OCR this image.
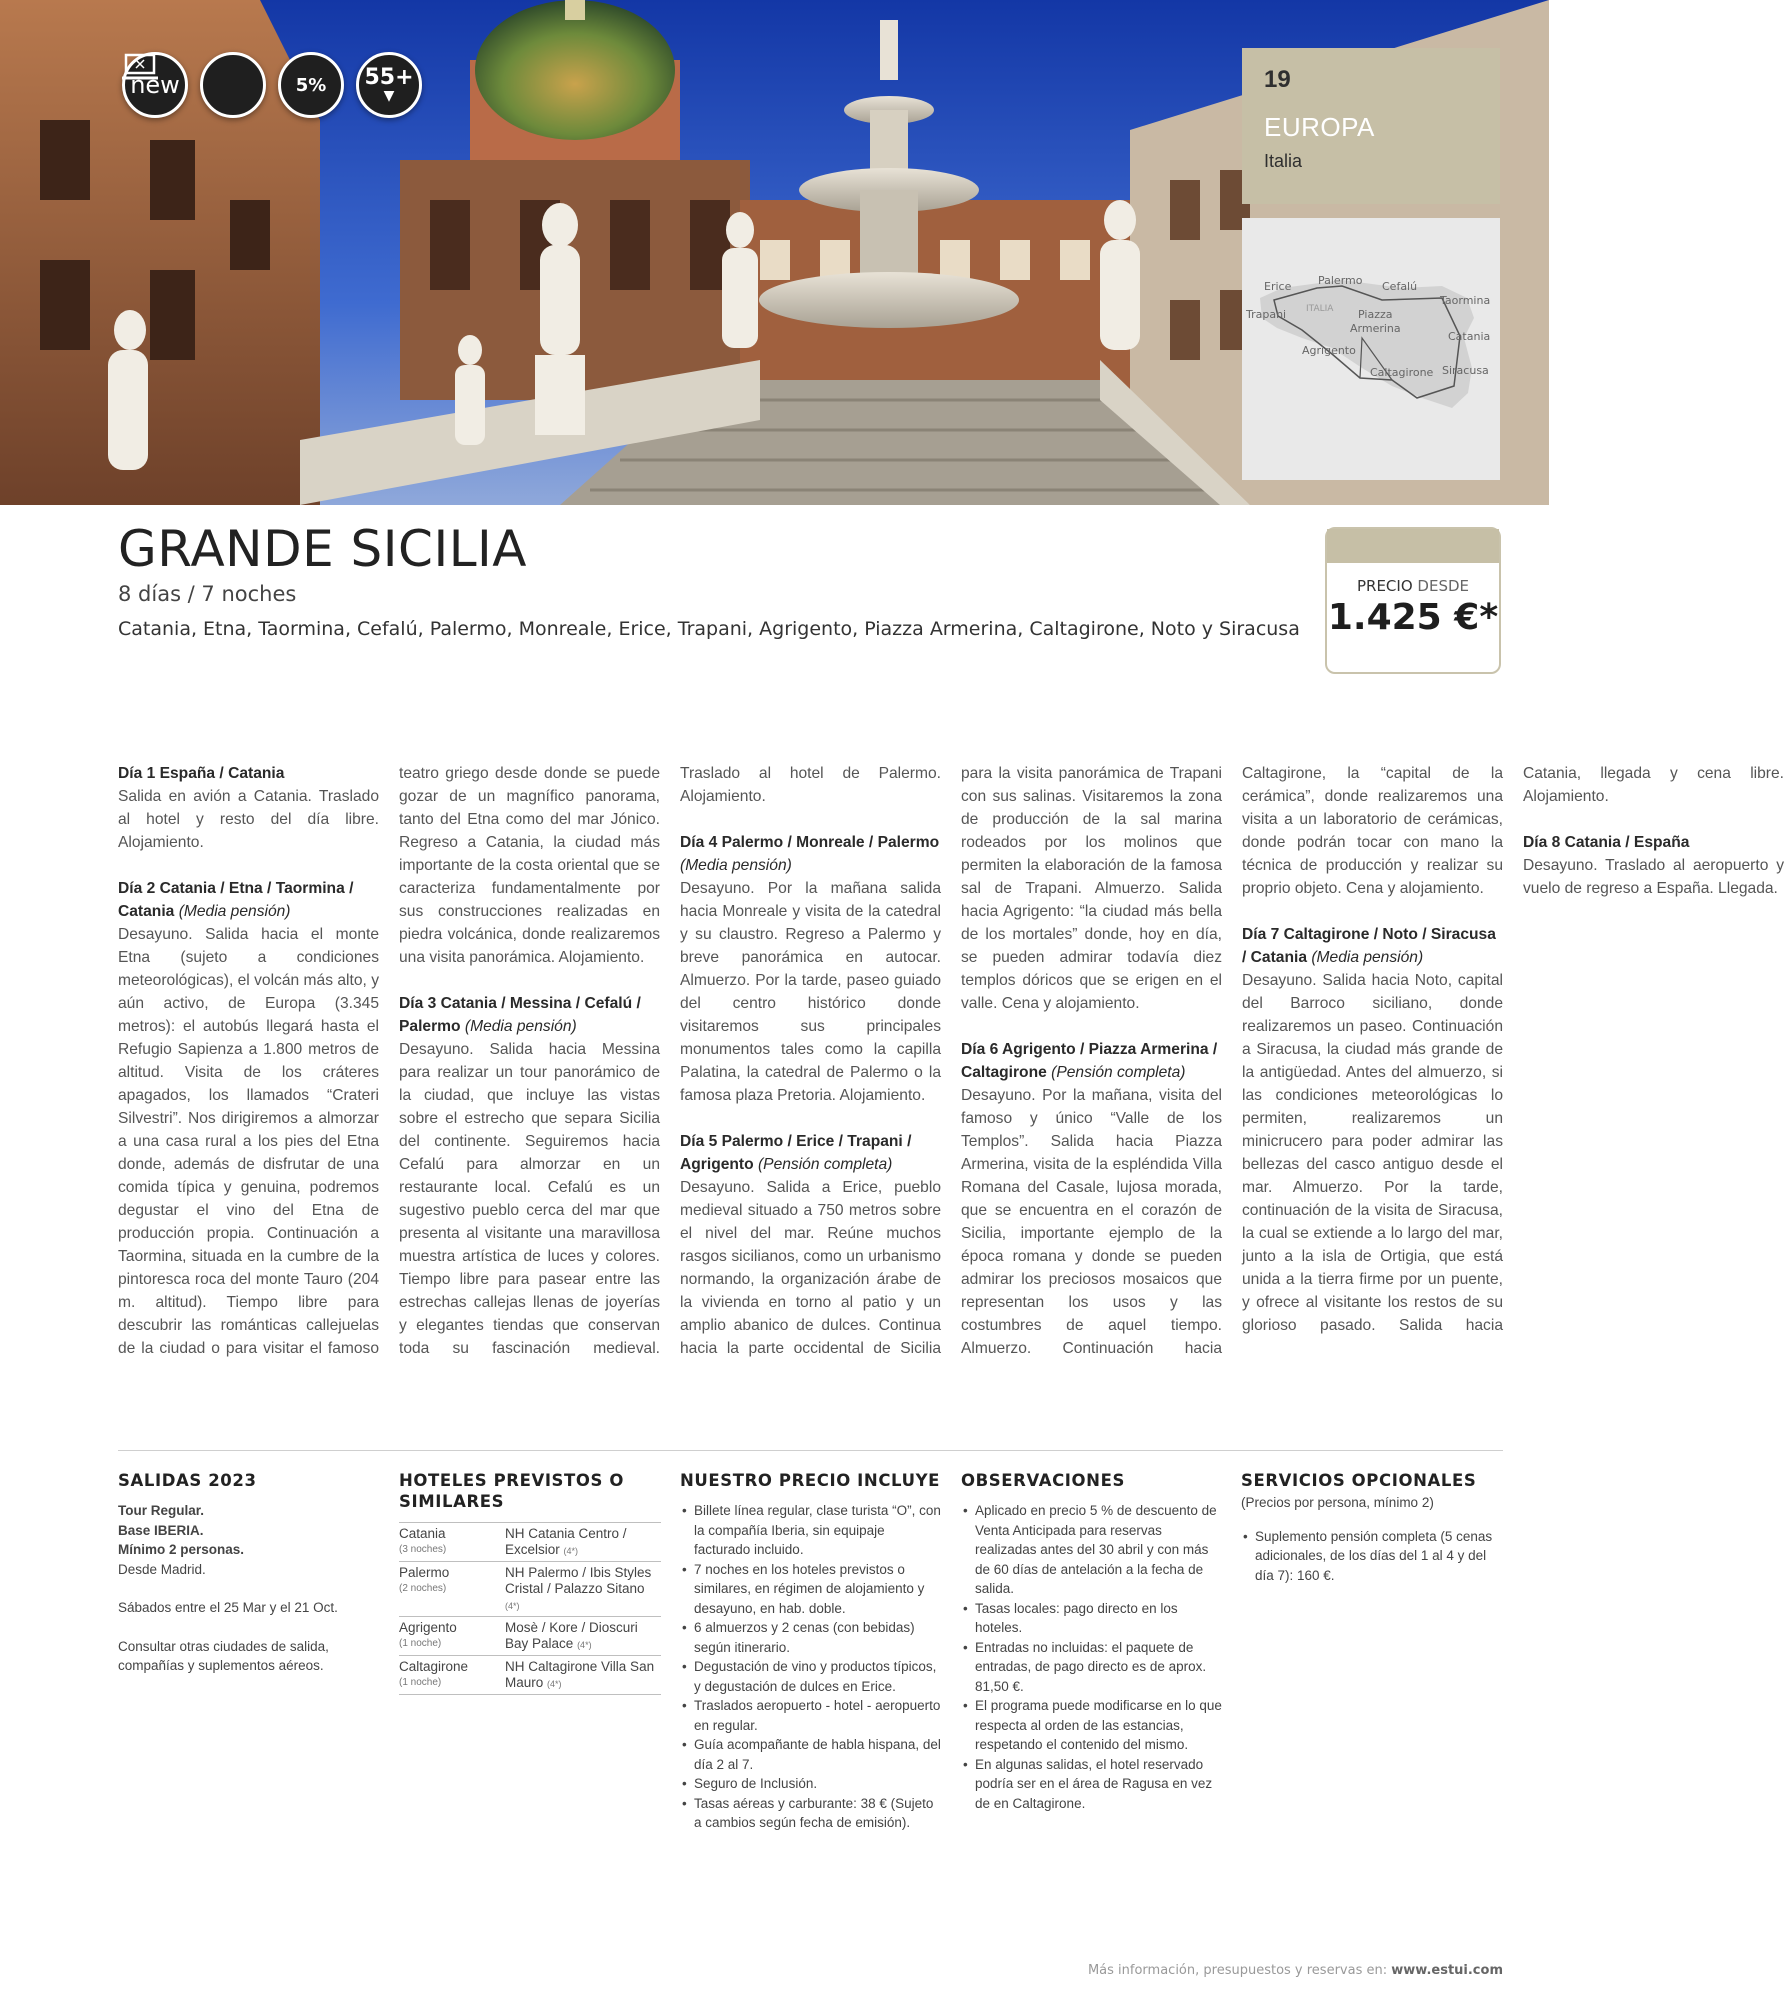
new	5% 55+
▼
19
EUROPA
Italia
Erice Palermo Cefalú
Taormina
Trapani ITALIA Piazza
Armerina
Catania
Agrigento
Caltagirone Siracusa
GRANDE SICILIA
8 días / 7 noches
Catania, Etna, Taormina, Cefalú, Palermo, Monreale, Erice, Trapani, Agrigento, Piazza Armerina, Caltagirone, Noto y Siracusa
PRECIO DESDE
1.425 €*
Día 1 España / Catania
Salida en avión a Catania. Traslado al hotel y resto del día libre. Alojamiento.
Día 2 Catania / Etna / Taormina / Catania (Media pensión)
Desayuno. Salida hacia el monte Etna (sujeto a condiciones meteorológicas), el volcán más alto, y aún activo, de Europa (3.345 metros): el autobús llegará hasta el Refugio Sapienza a 1.800 metros de altitud. Visita de los cráteres apagados, los llamados “Crateri Silvestri”. Nos dirigiremos a almorzar a una casa rural a los pies del Etna donde, además de disfrutar de una comida típica y genuina, podremos degustar el vino del Etna de producción propia. Continuación a Taormina, situada en la cumbre de la pintoresca roca del monte Tauro (204 m. altitud). Tiempo libre para descubrir las románticas callejuelas de la ciudad o para visitar el famoso teatro griego desde donde se puede gozar de un magnífico panorama, tanto del Etna como del mar Jónico. Regreso a Catania, la ciudad más importante de la costa oriental que se caracteriza fundamentalmente por sus construcciones realizadas en piedra volcánica, donde realizaremos una visita panorámica. Alojamiento.
Día 3 Catania / Messina / Cefalú / Palermo (Media pensión)
Desayuno. Salida hacia Messina para realizar un tour panorámico de la ciudad, que incluye las vistas sobre el estrecho que separa Sicilia del continente. Seguiremos hacia Cefalú para almorzar en un restaurante local. Cefalú es un sugestivo pueblo cerca del mar que presenta al visitante una maravillosa muestra artística de luces y colores. Tiempo libre para pasear entre las estrechas callejas llenas de joyerías y elegantes tiendas que conservan toda su fascinación medieval. Traslado al hotel de Palermo. Alojamiento.
Día 4 Palermo / Monreale / Palermo (Media pensión)
Desayuno. Por la mañana salida hacia Monreale y visita de la catedral y su claustro. Regreso a Palermo y breve panorámica en autocar. Almuerzo. Por la tarde, paseo guiado del centro histórico donde visitaremos sus principales monumentos tales como la capilla Palatina, la catedral de Palermo o la famosa plaza Pretoria. Alojamiento.
Día 5 Palermo / Erice / Trapani / Agrigento (Pensión completa)
Desayuno. Salida a Erice, pueblo medieval situado a 750 metros sobre el nivel del mar. Reúne muchos rasgos sicilianos, como un urbanismo normando, la organización árabe de la vivienda en torno al patio y un amplio abanico de dulces. Continua hacia la parte occidental de Sicilia para la visita panorámica de Trapani con sus salinas. Visitaremos la zona de producción de la sal marina rodeados por los molinos que permiten la elaboración de la famosa sal de Trapani. Almuerzo. Salida hacia Agrigento: “la ciudad más bella de los mortales” donde, hoy en día, se pueden admirar todavía diez templos dóricos que se erigen en el valle. Cena y alojamiento.
Día 6 Agrigento / Piazza Armerina / Caltagirone (Pensión completa)
Desayuno. Por la mañana, visita del famoso y único “Valle de los Templos”. Salida hacia Piazza Armerina, visita de la espléndida Villa Romana del Casale, lujosa morada, que se encuentra en el corazón de Sicilia, importante ejemplo de la época romana y donde se pueden admirar los preciosos mosaicos que representan los usos y las costumbres de aquel tiempo. Almuerzo. Continuación hacia Caltagirone, la “capital de la cerámica”, donde realizaremos una visita a un laboratorio de cerámicas, donde podrán tocar con mano la técnica de producción y realizar su proprio objeto. Cena y alojamiento.
Día 7 Caltagirone / Noto / Siracusa / Catania (Media pensión)
Desayuno. Salida hacia Noto, capital del Barroco siciliano, donde realizaremos un paseo. Continuación a Siracusa, la ciudad más grande de la antigüedad. Antes del almuerzo, si las condiciones meteorológicas lo permiten, realizaremos un minicrucero para poder admirar las bellezas del casco antiguo desde el mar. Almuerzo. Por la tarde, continuación de la visita de Siracusa, la cual se extiende a lo largo del mar, junto a la isla de Ortigia, que está unida a la tierra firme por un puente, y ofrece al visitante los restos de su glorioso pasado. Salida hacia Catania, llegada y cena libre. Alojamiento.
Día 8 Catania / España
Desayuno. Traslado al aeropuerto y vuelo de regreso a España. Llegada.
SALIDAS 2023

Tour Regular.

Base IBERIA.

Mínimo 2 personas.

Desde Madrid.

Sábados entre el 25 Mar y el 21 Oct.

Consultar otras ciudades de salida, compañías y suplementos aéreos.

HOTELES PREVISTOS O SIMILARES
Catania
(3 noches)	NH Catania Centro / Excelsior (4*)
Palermo
(2 noches)	NH Palermo / Ibis Styles Cristal / Palazzo Sitano (4*)
Agrigento
(1 noche)	Mosè / Kore / Dioscuri Bay Palace (4*)
Caltagirone
(1 noche)	NH Caltagirone Villa San Mauro (4*)
NUESTRO PRECIO INCLUYE
• Billete línea regular, clase turista “O”, con la compañía Iberia, sin equipaje facturado incluido.
• 7 noches en los hoteles previstos o similares, en régimen de alojamiento y desayuno, en hab. doble.
• 6 almuerzos y 2 cenas (con bebidas) según itinerario.
• Degustación de vino y productos típicos, y degustación de dulces en Erice.
• Traslados aeropuerto - hotel - aeropuerto en regular.
• Guía acompañante de habla hispana, del día 2 al 7.
• Seguro de Inclusión.
• Tasas aéreas y carburante: 38 € (Sujeto a cambios según fecha de emisión).
OBSERVACIONES
• Aplicado en precio 5 % de descuento de Venta Anticipada para reservas realizadas antes del 30 abril y con más de 60 días de antelación a la fecha de salida.
• Tasas locales: pago directo en los hoteles.
• Entradas no incluidas: el paquete de entradas, de pago directo es de aprox. 81,50 €.
• El programa puede modificarse en lo que respecta al orden de las estancias, respetando el contenido del mismo.
• En algunas salidas, el hotel reservado podría ser en el área de Ragusa en vez de en Caltagirone.
SERVICIOS OPCIONALES

(Precios por persona, mínimo 2)

• Suplemento pensión completa (5 cenas adicionales, de los días del 1 al 4 y del día 7): 160 €.
Más información, presupuestos y reservas en: www.estui.com
